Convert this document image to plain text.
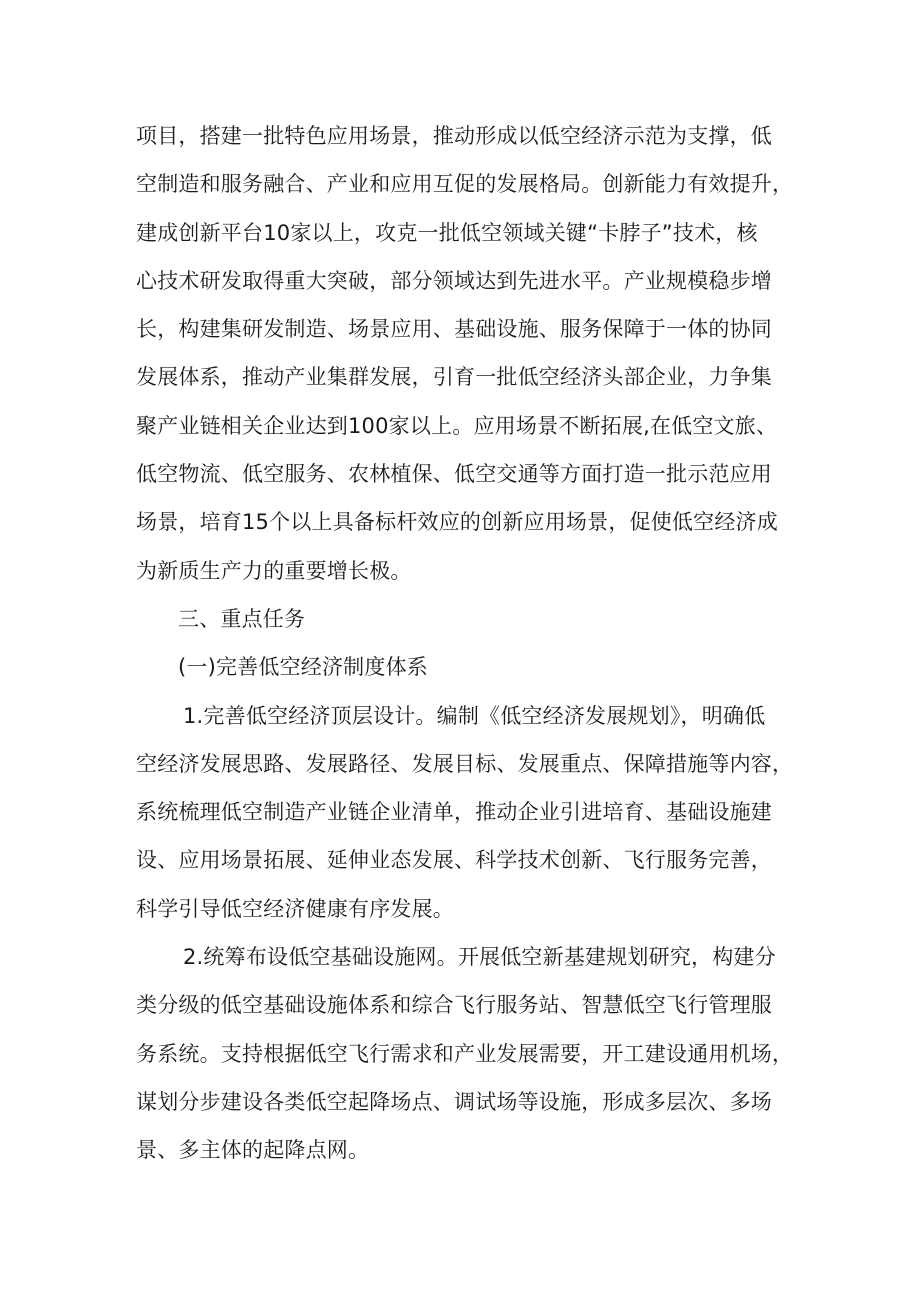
项目，搭建一批特色应用场景，推动形成以低空经济示范为支撑，低
空制造和服务融合、产业和应用互促的发展格局。创新能力有效提升，
建成创新平台10家以上，攻克一批低空领域关键“卡脖子”技术，核
心技术研发取得重大突破，部分领域达到先进水平。产业规模稳步增
长，构建集研发制造、场景应用、基础设施、服务保障于一体的协同
发展体系，推动产业集群发展，引育一批低空经济头部企业，力争集
聚产业链相关企业达到100家以上。应用场景不断拓展,在低空文旅、
低空物流、低空服务、农林植保、低空交通等方面打造一批示范应用
场景，培育15个以上具备标杆效应的创新应用场景，促使低空经济成
为新质生产力的重要增长极。
三、重点任务
(一)完善低空经济制度体系
1.完善低空经济顶层设计。编制《低空经济发展规划》，明确低
空经济发展思路、发展路径、发展目标、发展重点、保障措施等内容，
系统梳理低空制造产业链企业清单，推动企业引进培育、基础设施建
设、应用场景拓展、延伸业态发展、科学技术创新、飞行服务完善，
科学引导低空经济健康有序发展。
2.统筹布设低空基础设施网。开展低空新基建规划研究，构建分
类分级的低空基础设施体系和综合飞行服务站、智慧低空飞行管理服
务系统。支持根据低空飞行需求和产业发展需要，开工建设通用机场，
谋划分步建设各类低空起降场点、调试场等设施，形成多层次、多场
景、多主体的起降点网。
